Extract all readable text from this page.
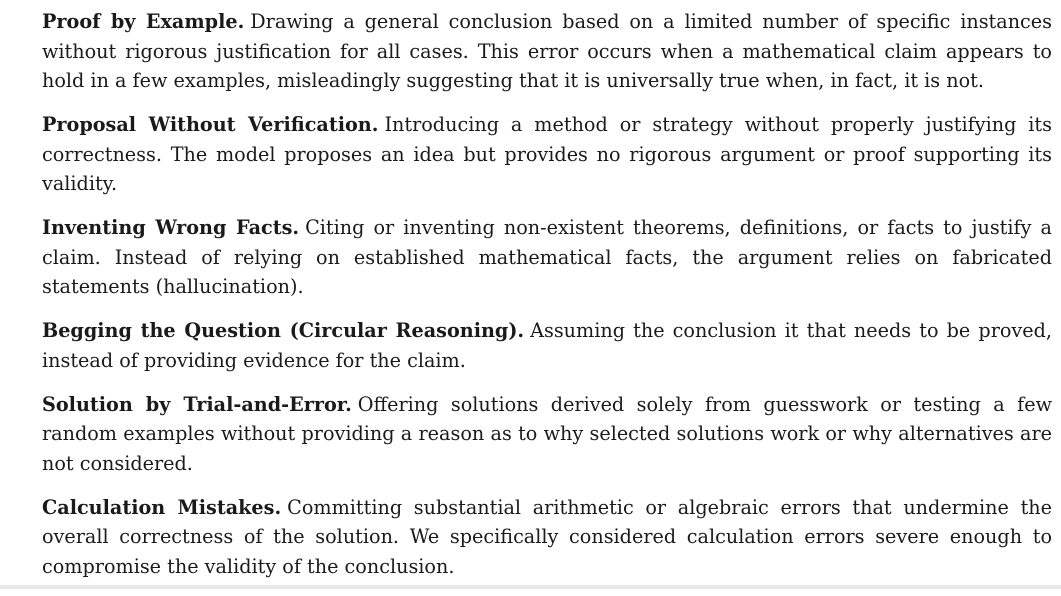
Proof by Example. Drawing a general conclusion based on a limited number of specific instances without rigorous justification for all cases. This error occurs when a mathematical claim appears to hold in a few examples, misleadingly suggesting that it is universally true when, in fact, it is not.

Proposal Without Verification. Introducing a method or strategy without properly justifying its correctness. The model proposes an idea but provides no rigorous argument or proof supporting its validity.

Inventing Wrong Facts. Citing or inventing non-existent theorems, definitions, or facts to justify a claim. Instead of relying on established mathematical facts, the argument relies on fabricated statements (hallucination).

Begging the Question (Circular Reasoning). Assuming the conclusion it that needs to be proved, instead of providing evidence for the claim.

Solution by Trial-and-Error. Offering solutions derived solely from guesswork or testing a few random examples without providing a reason as to why selected solutions work or why alternatives are not considered.

Calculation Mistakes. Committing substantial arithmetic or algebraic errors that undermine the overall correctness of the solution. We specifically considered calculation errors severe enough to compromise the validity of the conclusion.
